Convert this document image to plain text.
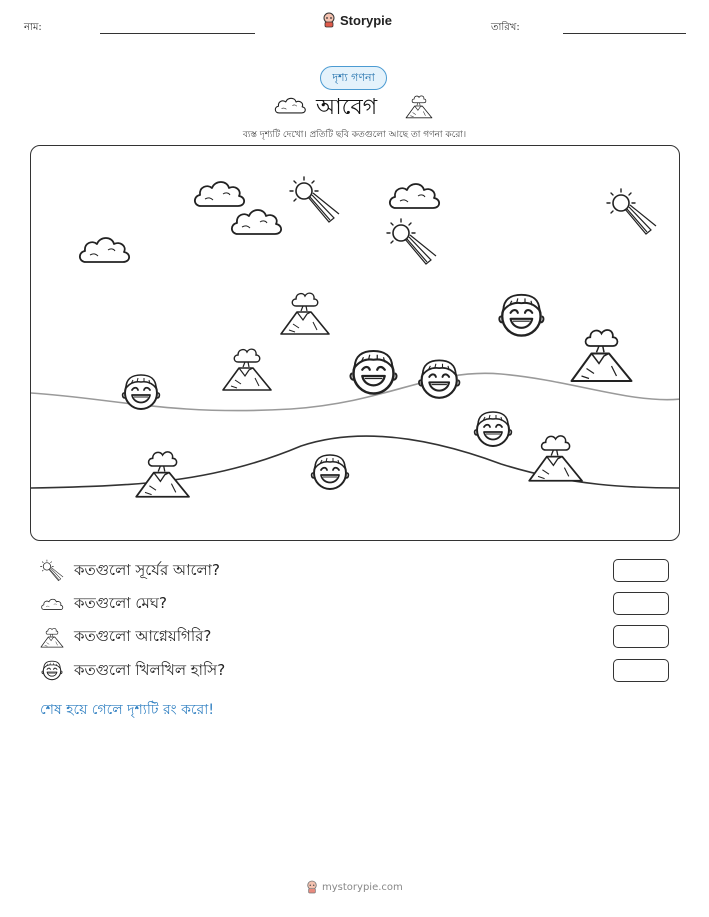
নাম:	Storypie	তারিখ:
দৃশ্য গণনা
আবেগ
ব্যস্ত দৃশ্যটি দেখো। প্রতিটি ছবি কতগুলো আছে তা গণনা করো।
কতগুলো সূর্যের আলো?
কতগুলো মেঘ?
কতগুলো আগ্নেয়গিরি?
কতগুলো খিলখিল হাসি?
শেষ হয়ে গেলে দৃশ্যটি রং করো!
mystorypie.com
